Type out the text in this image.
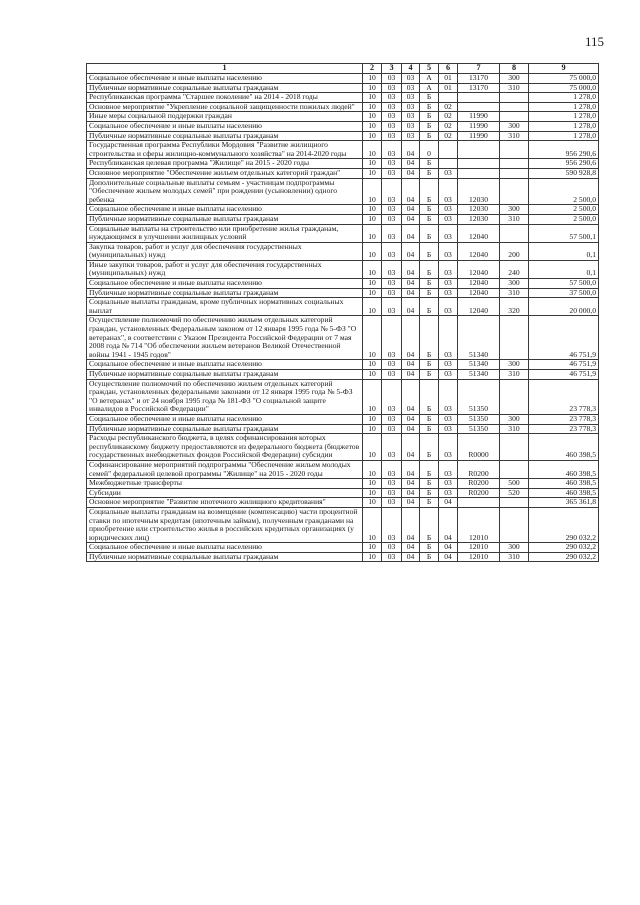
115
1	2	3	4	5	6	7	8	9
Социальное обеспечение и иные выплаты населению	10	03	03	А	01	13170	300	75 000,0
Публичные нормативные социальные выплаты гражданам	10	03	03	А	01	13170	310	75 000,0
Республиканская программа "Старшее поколение" на 2014 - 2018 годы	10	03	03	Б				1 278,0
Основное мероприятие "Укрепление социальной защищенности пожилых людей"	10	03	03	Б	02			1 278,0
Иные меры социальной поддержки граждан	10	03	03	Б	02	11990		1 278,0
Социальное обеспечение и иные выплаты населению	10	03	03	Б	02	11990	300	1 278,0
Публичные нормативные социальные выплаты гражданам	10	03	03	Б	02	11990	310	1 278,0
Государственная программа Республики Мордовия "Развитие жилищного строительства и сферы жилищно-коммунального хозяйства" на 2014-2020 годы	10	03	04	0				956 290,6
Республиканская целевая программа "Жилище" на 2015 - 2020 годы	10	03	04	Б				956 290,6
Основное мероприятие "Обеспечение жильем отдельных категорий граждан"	10	03	04	Б	03			590 928,8
Дополнительные социальные выплаты семьям - участницам подпрограммы "Обеспечение жильем молодых семей" при рождении (усыновлении) одного ребенка	10	03	04	Б	03	12030		2 500,0
Социальное обеспечение и иные выплаты населению	10	03	04	Б	03	12030	300	2 500,0
Публичные нормативные социальные выплаты гражданам	10	03	04	Б	03	12030	310	2 500,0
Социальные выплаты на строительство или приобретение жилья гражданам, нуждающимся в улучшении жилищных условий	10	03	04	Б	03	12040		57 500,1
Закупка товаров, работ и услуг для обеспечения государственных (муниципальных) нужд	10	03	04	Б	03	12040	200	0,1
Иные закупки товаров, работ и услуг для обеспечения государственных (муниципальных) нужд	10	03	04	Б	03	12040	240	0,1
Социальное обеспечение и иные выплаты населению	10	03	04	Б	03	12040	300	57 500,0
Публичные нормативные социальные выплаты гражданам	10	03	04	Б	03	12040	310	37 500,0
Социальные выплаты гражданам, кроме публичных нормативных социальных выплат	10	03	04	Б	03	12040	320	20 000,0
Осуществление полномочий по обеспечению жильем отдельных категорий граждан, установленных Федеральным законом от 12 января 1995 года № 5-ФЗ "О ветеранах", в соответствии с Указом Президента Российской Федерации от 7 мая 2008 года № 714 "Об обеспечении жильем ветеранов Великой Отечественной войны 1941 - 1945 годов"	10	03	04	Б	03	51340		46 751,9
Социальное обеспечение и иные выплаты населению	10	03	04	Б	03	51340	300	46 751,9
Публичные нормативные социальные выплаты гражданам	10	03	04	Б	03	51340	310	46 751,9
Осуществление полномочий по обеспечению жильем отдельных категорий граждан, установленных федеральными законами от 12 января 1995 года № 5-ФЗ "О ветеранах" и от 24 ноября 1995 года № 181-ФЗ "О социальной защите инвалидов в Российской Федерации"	10	03	04	Б	03	51350		23 778,3
Социальное обеспечение и иные выплаты населению	10	03	04	Б	03	51350	300	23 778,3
Публичные нормативные социальные выплаты гражданам	10	03	04	Б	03	51350	310	23 778,3
Расходы республиканского бюджета, в целях софинансирования которых республиканскому бюджету предоставляются из федерального бюджета (бюджетов государственных внебюджетных фондов Российской Федерации) субсидии	10	03	04	Б	03	R0000		460 398,5
Софинансирование мероприятий подпрограммы "Обеспечение жильем молодых семей" федеральной целевой программы "Жилище" на 2015 - 2020 годы	10	03	04	Б	03	R0200		460 398,5
Межбюджетные трансферты	10	03	04	Б	03	R0200	500	460 398,5
Субсидии	10	03	04	Б	03	R0200	520	460 398,5
Основное мероприятие "Развитие ипотечного жилищного кредитования"	10	03	04	Б	04			365 361,8
Социальные выплаты гражданам на возмещение (компенсацию) части процентной ставки по ипотечным кредитам (ипотечным займам), полученным гражданами на приобретение или строительство жилья в российских кредитных организациях (у юридических лиц)	10	03	04	Б	04	12010		290 032,2
Социальное обеспечение и иные выплаты населению	10	03	04	Б	04	12010	300	290 032,2
Публичные нормативные социальные выплаты гражданам	10	03	04	Б	04	12010	310	290 032,2
